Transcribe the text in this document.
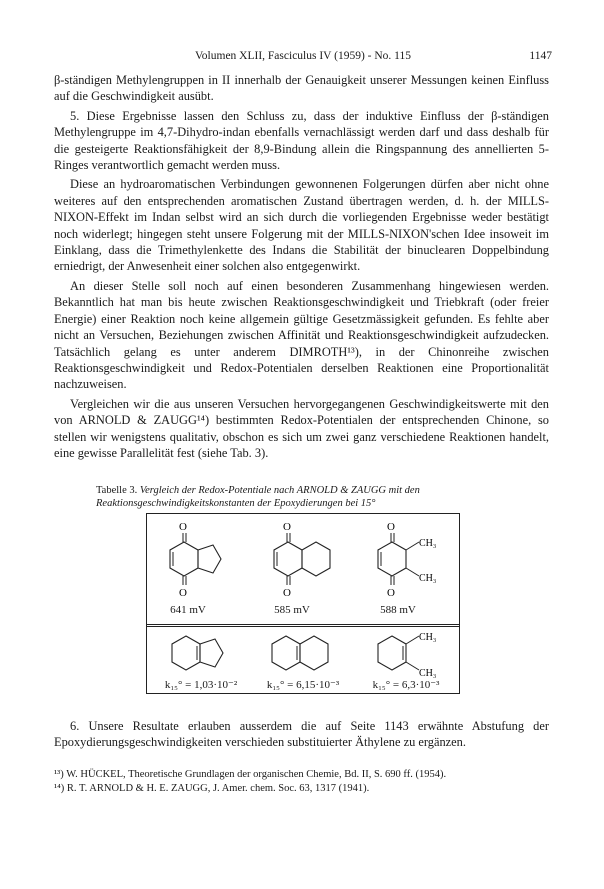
Volumen XLII, Fasciculus IV (1959) - No. 115	1147

β-ständigen Methylengruppen in II innerhalb der Genauigkeit unserer Messungen keinen Einfluss auf die Geschwindigkeit ausübt.

5. Diese Ergebnisse lassen den Schluss zu, dass der induktive Einfluss der β-ständigen Methylengruppe im 4,7-Dihydro-indan ebenfalls vernachlässigt werden darf und dass deshalb für die gesteigerte Reaktionsfähigkeit der 8,9-Bindung allein die Ringspannung des annellierten 5-Ringes verantwortlich gemacht werden muss.

Diese an hydroaromatischen Verbindungen gewonnenen Folgerungen dürfen aber nicht ohne weiteres auf den entsprechenden aromatischen Zustand übertragen werden, d. h. der MILLS-NIXON-Effekt im Indan selbst wird an sich durch die vorliegenden Ergebnisse weder bestätigt noch widerlegt; hingegen steht unsere Folgerung mit der MILLS-NIXON'schen Idee insoweit im Einklang, dass die Trimethylenkette des Indans die Stabilität der binuclearen Doppelbindung erniedrigt, der Anwesenheit einer solchen also entgegenwirkt.

An dieser Stelle soll noch auf einen besonderen Zusammenhang hingewiesen werden. Bekanntlich hat man bis heute zwischen Reaktionsgeschwindigkeit und Triebkraft (oder freier Energie) einer Reaktion noch keine allgemein gültige Gesetzmässigkeit gefunden. Es fehlte aber nicht an Versuchen, Beziehungen zwischen Affinität und Reaktionsgeschwindigkeit aufzudecken. Tatsächlich gelang es unter anderem DIMROTH¹³), in der Chinonreihe zwischen Reaktionsgeschwindigkeit und Redox-Potentialen derselben Reaktionen eine Proportionalität nachzuweisen.

Vergleichen wir die aus unseren Versuchen hervorgegangenen Geschwindigkeitswerte mit den von ARNOLD & ZAUGG¹⁴) bestimmten Redox-Potentialen der entsprechenden Chinone, so stellen wir wenigstens qualitativ, obschon es sich um zwei ganz verschiedene Reaktionen handelt, eine gewisse Parallelität fest (siehe Tab. 3).

Tabelle 3. Vergleich der Redox-Potentiale nach ARNOLD & ZAUGG mit den Reaktionsgeschwindigkeitskonstanten der Epoxydierungen bei 15°
O
O
O
O
O
CH₃
CH₃
O
641 mV	585 mV	588 mV
CH₃
CH₃
k₁₅° = 1,03·10⁻²	k₁₅° = 6,15·10⁻³	k₁₅° = 6,3·10⁻³
6. Unsere Resultate erlauben ausserdem die auf Seite 1143 erwähnte Abstufung der Epoxydierungsgeschwindigkeiten verschieden substituierter Äthylene zu ergänzen.
¹³) W. HÜCKEL, Theoretische Grundlagen der organischen Chemie, Bd. II, S. 690 ff. (1954).
¹⁴) R. T. ARNOLD & H. E. ZAUGG, J. Amer. chem. Soc. 63, 1317 (1941).
